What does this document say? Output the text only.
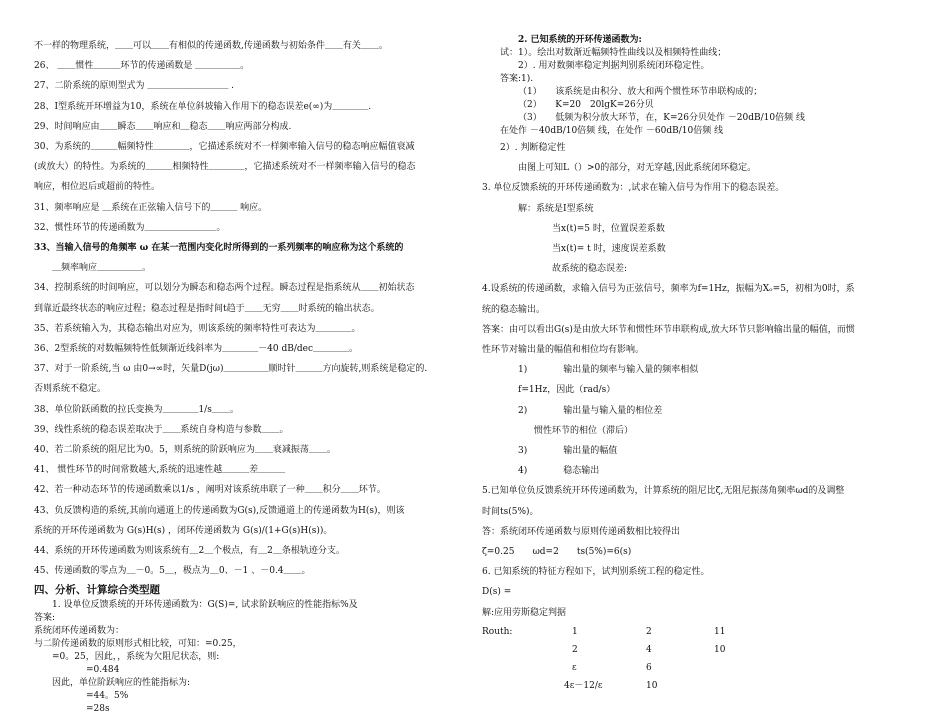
不一样的物理系统，＿＿可以＿＿有相似的传递函数,传递函数与初始条件＿＿有关＿＿。
26、 ＿＿惯性＿＿＿环节的传递函数是 ＿＿＿＿＿。
27、二阶系统的原则型式为 ＿＿＿＿＿＿＿＿＿ .
28、Ⅰ型系统开环增益为10，系统在单位斜坡输入作用下的稳态误差e(∞)为＿＿＿＿.
29、时间响应由＿＿瞬态＿＿响应和＿稳态＿＿响应两部分构成.
30、为系统的＿＿＿幅频特性＿＿＿＿，它描述系统对不一样频率输入信号的稳态响应幅值衰减
(或放大）的特性。为系统的＿＿＿相频特性＿＿＿＿，它描述系统对不一样频率输入信号的稳态
响应，相位迟后或超前的特性。
31、频率响应是 ＿系统在正弦输入信号下的＿＿＿ 响应。
32、惯性环节的传递函数为＿＿＿＿＿＿＿＿。
33、当输入信号的角频率 ω 在某一范围内变化时所得到的一系列频率的响应称为这个系统的
＿频率响应＿＿＿＿＿。
34、控制系统的时间响应，可以划分为瞬态和稳态两个过程。瞬态过程是指系统从＿＿初始状态
到靠近最终状态的响应过程；稳态过程是指时间t趋于＿＿无穷＿＿时系统的输出状态。
35、若系统输入为，其稳态输出对应为，则该系统的频率特性可表达为＿＿＿＿。
36、2型系统的对数幅频特性低频渐近线斜率为＿＿＿＿－40 dB/dec＿＿＿＿。
37、对于一阶系统,当 ω 由0→∞时，矢量D(jω)＿＿＿＿＿顺时针＿＿＿方向旋转,则系统是稳定的.
否则系统不稳定。
38、单位阶跃函数的拉氏变换为＿＿＿＿1/s＿＿。
39、线性系统的稳态误差取决于＿＿系统自身构造与参数＿＿。
40、若二阶系统的阻尼比为0。5，则系统的阶跃响应为＿＿衰减振荡＿＿。
41、 惯性环节的时间常数越大,系统的迅速性越＿＿＿差＿＿＿
42、若一种动态环节的传递函数乘以1/s ，阐明对该系统串联了一种＿＿积分＿＿环节。
43、负反馈构造的系统,其前向通道上的传递函数为G(s),反馈通道上的传递函数为H(s)，则该
系统的开环传递函数为 G(s)H(s) ，闭环传递函数为 G(s)/(1+G(s)H(s))。
44、系统的开环传递函数为则该系统有＿2＿个极点，有＿2＿条根轨迹分支。
45、传递函数的零点为＿－0。5＿，极点为＿0、－1 、－0.4＿＿。
四、分析、计算综合类型题
1. 设单位反馈系统的开环传递函数为：G(S)=, 试求阶跃响应的性能指标%及
答案:
系统闭环传递函数为：
与二阶传递函数的原则形式相比较，可知：=0.25，
=0。25，因此，，系统为欠阻尼状态，则:
=0.484
因此，单位阶跃响应的性能指标为:
=44。5%
=28s
2. 已知系统的开环传递函数为:
试：1）。绘出对数渐近幅频特性曲线以及相频特性曲线；
2）. 用对数频率稳定判据判别系统闭环稳定性。
答案:1).
（1）　　该系统是由积分、放大和两个惯性环节串联构成的；
（2）　　K=20　20lgK=26分贝
（3）　　低频为积分放大环节，在，K=26分贝处作 －20dB/10倍频 线
在处作 －40dB/10倍频 线，在处作 －60dB/10倍频 线
2）. 判断稳定性
由图上可知L（）>0的部分，对无穿越,因此系统闭环稳定。
3. 单位反馈系统的开环传递函数为：,试求在输入信号为作用下的稳态误差。
解：系统是Ⅰ型系统
当x(t)=5 时，位置误差系数
当x(t)= t 时，速度误差系数
故系统的稳态误差:
4.设系统的传递函数，求输入信号为正弦信号，频率为f=1Hz，振幅为Xₒ=5，初相为0时，系
统的稳态输出。
答案：由可以看出G(s)是由放大环节和惯性环节串联构成,放大环节只影响输出量的幅值，而惯
性环节对输出量的幅值和相位均有影响。
1)　　　　输出量的频率与输入量的频率相似
f=1Hz，因此（rad/s）
2)　　　　输出量与输入量的相位差
惯性环节的相位（滞后）
3)　　　　输出量的幅值
4)　　　　稳态输出
5.已知单位负反馈系统开环传递函数为，计算系统的阻尼比ζ,无阻尼振荡角频率ωd的及调整
时间ts(5%)。
答：系统闭环传递函数与原则传递函数相比较得出
ζ=0.25　　ωd=2　　ts(5%)=6(s)
6. 已知系统的特征方程如下，试判别系统工程的稳定性。
D(s) =
解:应用劳斯稳定判据
Routh:	1	2	11
2	4	10
ε	6
4ε－12/ε	10
